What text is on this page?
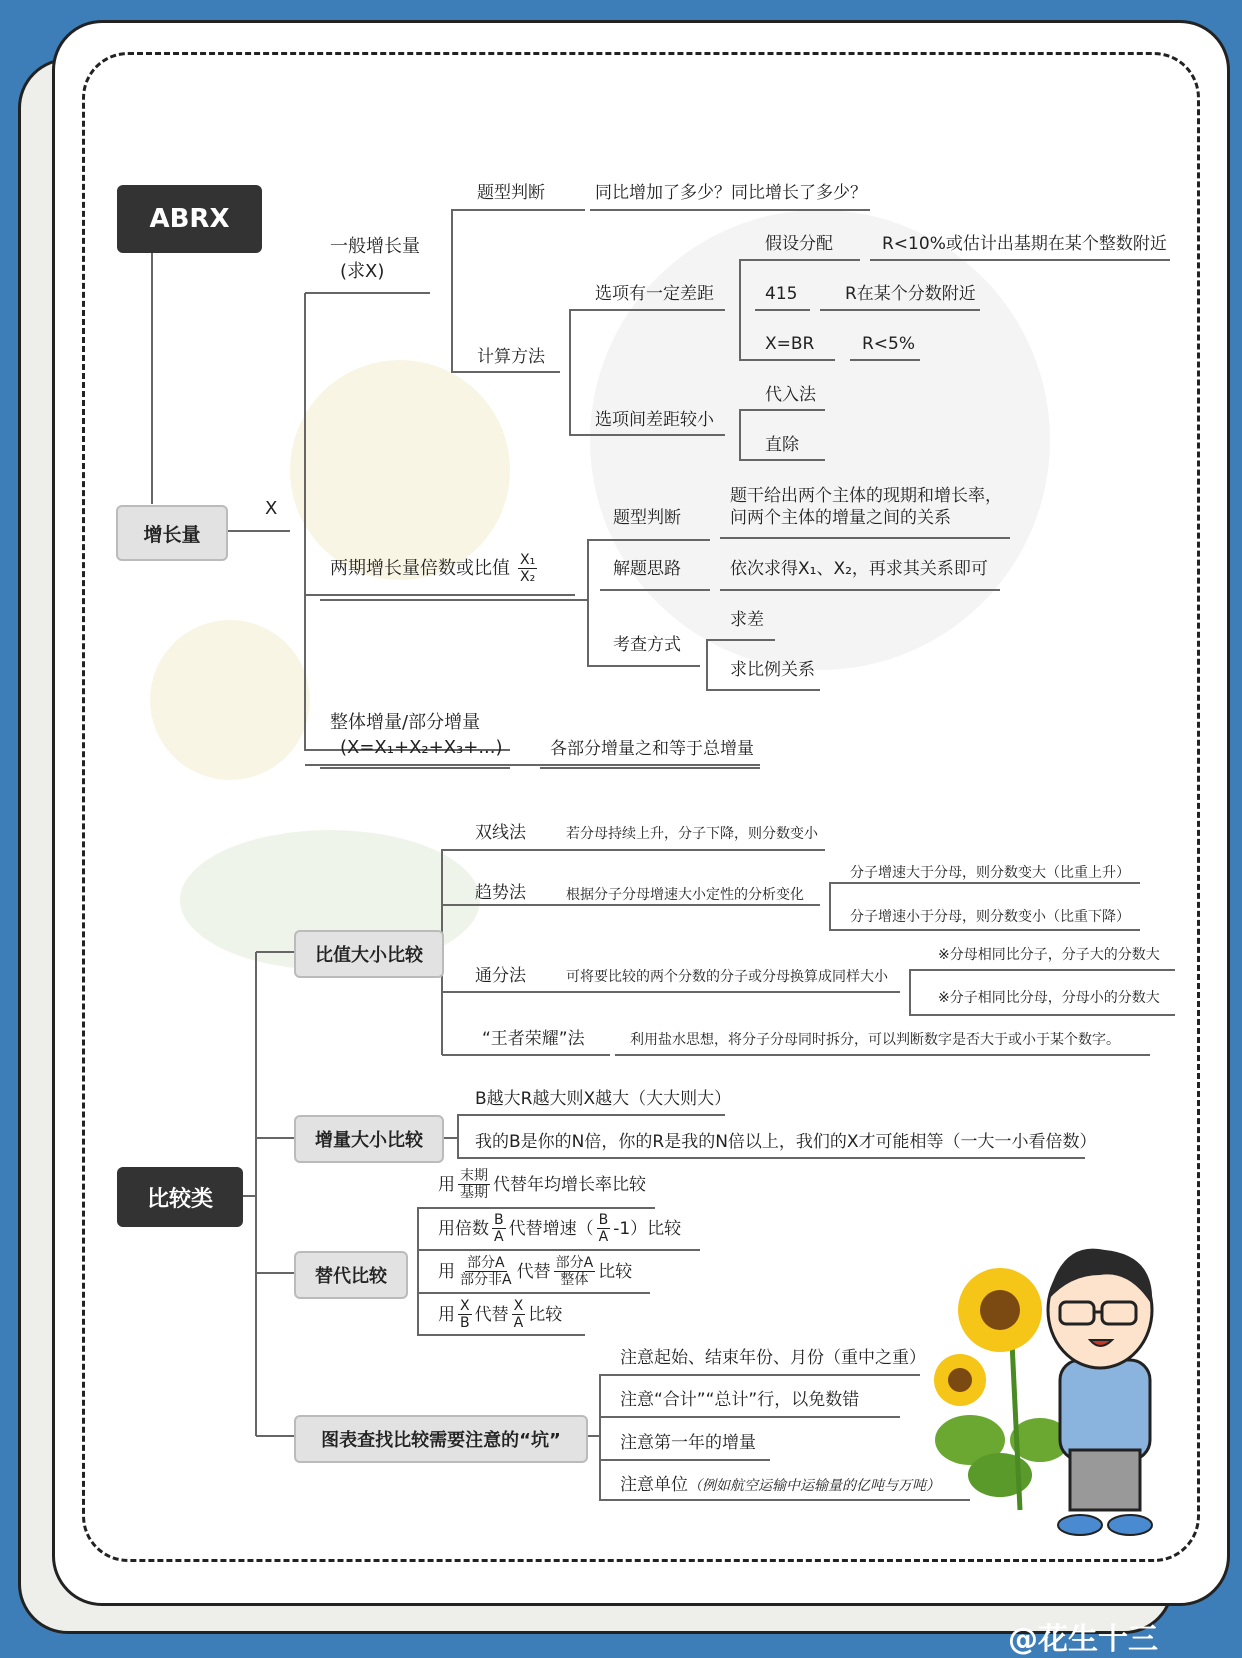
ABRX
增长量
X
一般增长量
(求X)
题型判断	同比增加了多少？同比增长了多少？
计算方法
选项有一定差距
选项间差距较小
假设分配	R<10%或估计出基期在某个整数附近
415	R在某个分数附近
X=BR	R<5%
代入法
直除
两期增长量倍数或比值 $\frac{\text{X₁}}{\text{X₂}}$
题型判断
题干给出两个主体的现期和增长率，
问两个主体的增量之间的关系
解题思路	依次求得X₁、X₂，再求其关系即可
考查方式
求差
求比例关系
整体增量/部分增量
(X=X₁+X₂+X₃+...)	各部分增量之和等于总增量
比较类
比值大小比较
双线法	若分母持续上升，分子下降，则分数变小
趋势法	根据分子分母增速大小定性的分析变化
分子增速大于分母，则分数变大（比重上升）
分子增速小于分母，则分数变小（比重下降）
通分法	可将要比较的两个分数的分子或分母换算成同样大小
※分母相同比分子，分子大的分数大
※分子相同比分母，分母小的分数大
“王者荣耀”法	利用盐水思想，将分子分母同时拆分，可以判断数字是否大于或小于某个数字。
增量大小比较
B越大R越大则X越大（大大则大）
我的B是你的N倍，你的R是我的N倍以上，我们的X才可能相等（一大一小看倍数）
替代比较
用 $\frac{\text{末期}}{\text{基期}}$ 代替年均增长率比较
用倍数 $\frac{B}{A}$ 代替增速（ $\frac{B}{A} -1$）比较
用 $\frac{\text{部分A}}{\text{部分非A}}$ 代替 $\frac{\text{部分A}}{\text{整体}}$ 比较
用 $\frac{X}{B}$ 代替 $\frac{X}{A}$ 比较
图表查找比较需要注意的“坑”
注意起始、结束年份、月份（重中之重）
注意“合计”“总计”行，以免数错
注意第一年的增量
注意单位（例如航空运输中运输量的亿吨与万吨）
@花生十三
